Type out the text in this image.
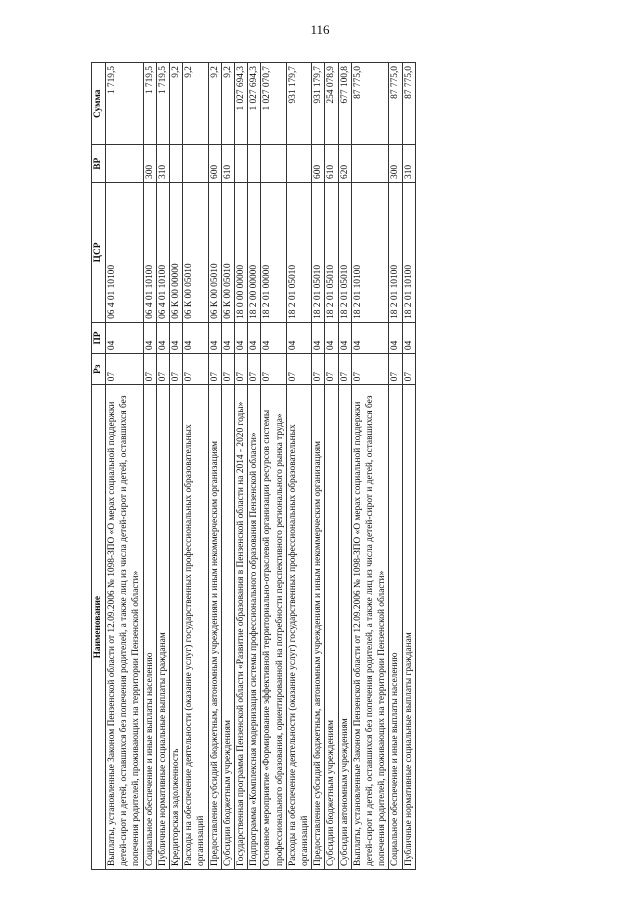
116
Наименование	Рз	ПР	ЦСР	ВР	Сумма
Выплаты, установленные Законом Пензенской области от 12.09.2006 № 1098-ЗПО «О мерах социальной поддержки детей-сирот и детей, оставшихся без попечения родителей, а также лиц из числа детей-сирот и детей, оставшихся без попечения родителей, проживающих на территории Пензенской области»	07	04	06 4 01 10100		1 719,5
Социальное обеспечение и иные выплаты населению	07	04	06 4 01 10100	300	1 719,5
Публичные нормативные социальные выплаты гражданам	07	04	06 4 01 10100	310	1 719,5
Кредиторская задолженность	07	04	06 К 00 00000		9,2
Расходы на обеспечение деятельности (оказание услуг) государственных профессиональных образовательных организаций	07	04	06 К 00 05010		9,2
Предоставление субсидий бюджетным, автономным учреждениям и иным некоммерческим организациям	07	04	06 К 00 05010	600	9,2
Субсидии бюджетным учреждениям	07	04	06 К 00 05010	610	9,2
Государственная программа Пензенской области «Развитие образования в Пензенской области на 2014 - 2020 годы»	07	04	18 0 00 00000		1 027 694,3
Подпрограмма «Комплексная модернизация системы профессионального образования Пензенской области»	07	04	18 2 00 00000		1 027 694,3
Основное мероприятие «Формирование эффективной территориально-отраслевой организации ресурсов системы профессионального образования, ориентированной на потребности перспективного регионального рынка труда»	07	04	18 2 01 00000		1 027 070,7
Расходы на обеспечение деятельности (оказание услуг) государственных профессиональных образовательных организаций	07	04	18 2 01 05010		931 179,7
Предоставление субсидий бюджетным, автономным учреждениям и иным некоммерческим организациям	07	04	18 2 01 05010	600	931 179,7
Субсидии бюджетным учреждениям	07	04	18 2 01 05010	610	254 078,9
Субсидии автономным учреждениям	07	04	18 2 01 05010	620	677 100,8
Выплаты, установленные Законом Пензенской области от 12.09.2006 № 1098-ЗПО «О мерах социальной поддержки детей-сирот и детей, оставшихся без попечения родителей, а также лиц из числа детей-сирот и детей, оставшихся без попечения родителей, проживающих на территории Пензенской области»	07	04	18 2 01 10100		87 775,0
Социальное обеспечение и иные выплаты населению	07	04	18 2 01 10100	300	87 775,0
Публичные нормативные социальные выплаты гражданам	07	04	18 2 01 10100	310	87 775,0
